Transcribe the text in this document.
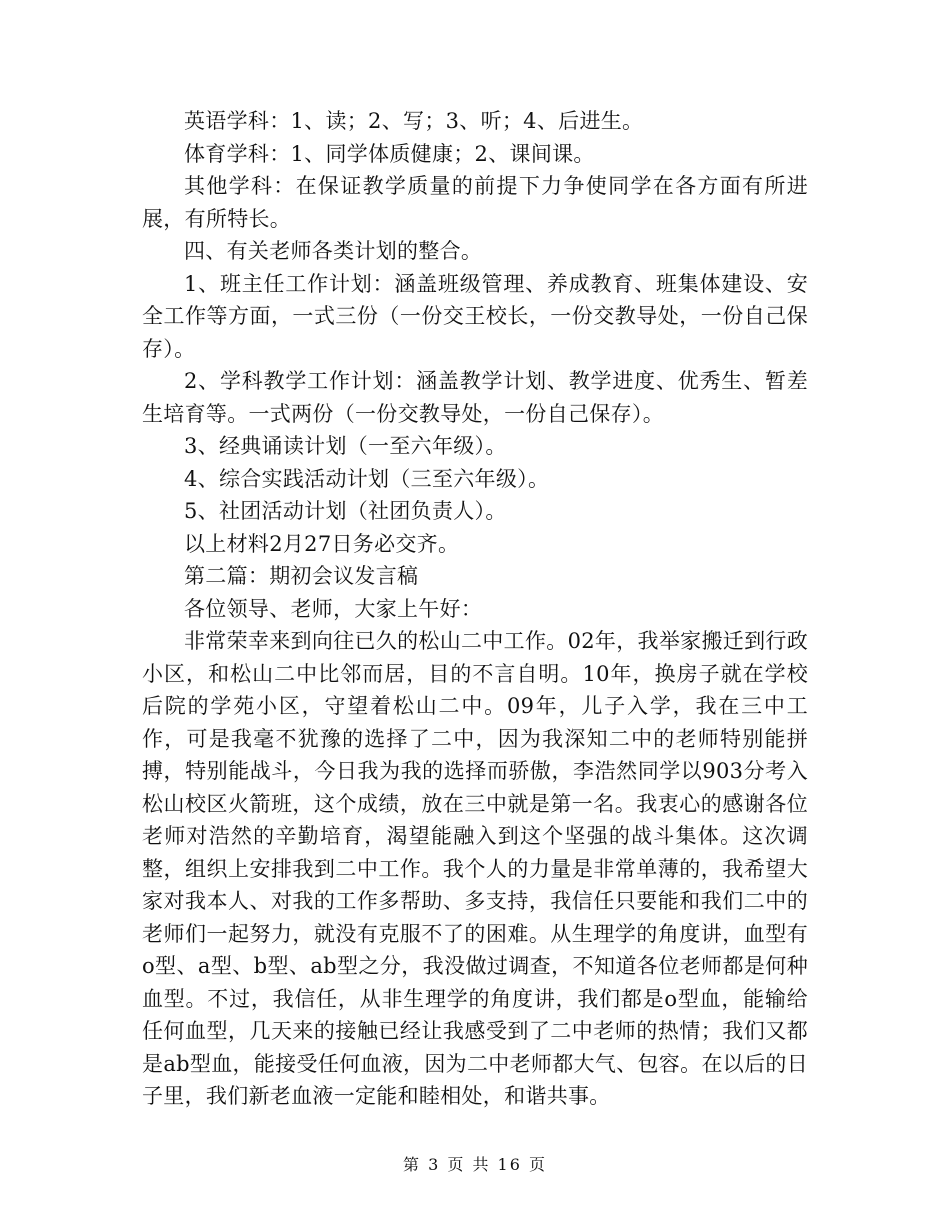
英语学科：1、读；2、写；3、听；4、后进生。

体育学科：1、同学体质健康；2、课间课。

其他学科：在保证教学质量的前提下力争使同学在各方面有所进展，有所特长。

四、有关老师各类计划的整合。

1、班主任工作计划：涵盖班级管理、养成教育、班集体建设、安全工作等方面，一式三份（一份交王校长，一份交教导处，一份自己保存）。

2、学科教学工作计划：涵盖教学计划、教学进度、优秀生、暂差生培育等。一式两份（一份交教导处，一份自己保存）。

3、经典诵读计划（一至六年级）。

4、综合实践活动计划（三至六年级）。

5、社团活动计划（社团负责人）。

以上材料2月27日务必交齐。

第二篇：期初会议发言稿

各位领导、老师，大家上午好：

非常荣幸来到向往已久的松山二中工作。02年，我举家搬迁到行政小区，和松山二中比邻而居，目的不言自明。10年，换房子就在学校后院的学苑小区，守望着松山二中。09年，儿子入学，我在三中工作，可是我毫不犹豫的选择了二中，因为我深知二中的老师特别能拼搏，特别能战斗，今日我为我的选择而骄傲，李浩然同学以903分考入松山校区火箭班，这个成绩，放在三中就是第一名。我衷心的感谢各位老师对浩然的辛勤培育，渴望能融入到这个坚强的战斗集体。这次调整，组织上安排我到二中工作。我个人的力量是非常单薄的，我希望大家对我本人、对我的工作多帮助、多支持，我信任只要能和我们二中的老师们一起努力，就没有克服不了的困难。从生理学的角度讲，血型有o型、a型、b型、ab型之分，我没做过调查，不知道各位老师都是何种血型。不过，我信任，从非生理学的角度讲，我们都是o型血，能输给任何血型，几天来的接触已经让我感受到了二中老师的热情；我们又都是ab型血，能接受任何血液，因为二中老师都大气、包容。在以后的日子里，我们新老血液一定能和睦相处，和谐共事。

第 3 页 共 16 页
